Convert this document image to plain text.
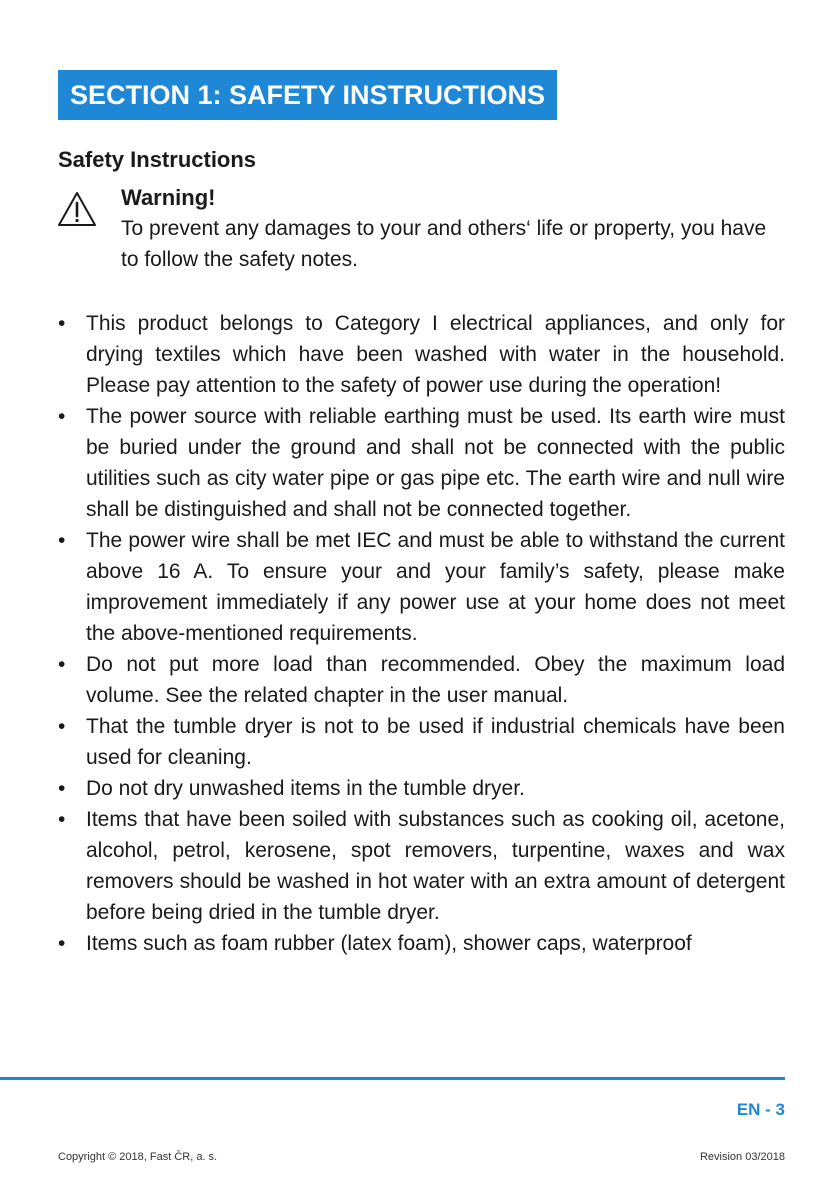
SECTION 1: SAFETY INSTRUCTIONS
Safety Instructions
Warning!
To prevent any damages to your and others‘ life or property, you have to follow the safety notes.
• This product belongs to Category I electrical appliances, and only for drying textiles which have been washed with water in the household. Please pay attention to the safety of power use during the operation!
• The power source with reliable earthing must be used. Its earth wire must be buried under the ground and shall not be connected with the public utilities such as city water pipe or gas pipe etc. The earth wire and null wire shall be distinguished and shall not be connected together.
• The power wire shall be met IEC and must be able to withstand the current above 16 A. To ensure your and your family’s safety, please make improvement immediately if any power use at your home does not meet the above-mentioned requirements.
• Do not put more load than recommended. Obey the maximum load volume. See the related chapter in the user manual.
• That the tumble dryer is not to be used if industrial chemicals have been used for cleaning.
• Do not dry unwashed items in the tumble dryer.
• Items that have been soiled with substances such as cooking oil, acetone, alcohol, petrol, kerosene, spot removers, turpentine, waxes and wax removers should be washed in hot water with an extra amount of detergent before being dried in the tumble dryer.
• Items such as foam rubber (latex foam), shower caps, waterproof
EN - 3
Copyright © 2018, Fast ČR, a. s.	Revision 03/2018
